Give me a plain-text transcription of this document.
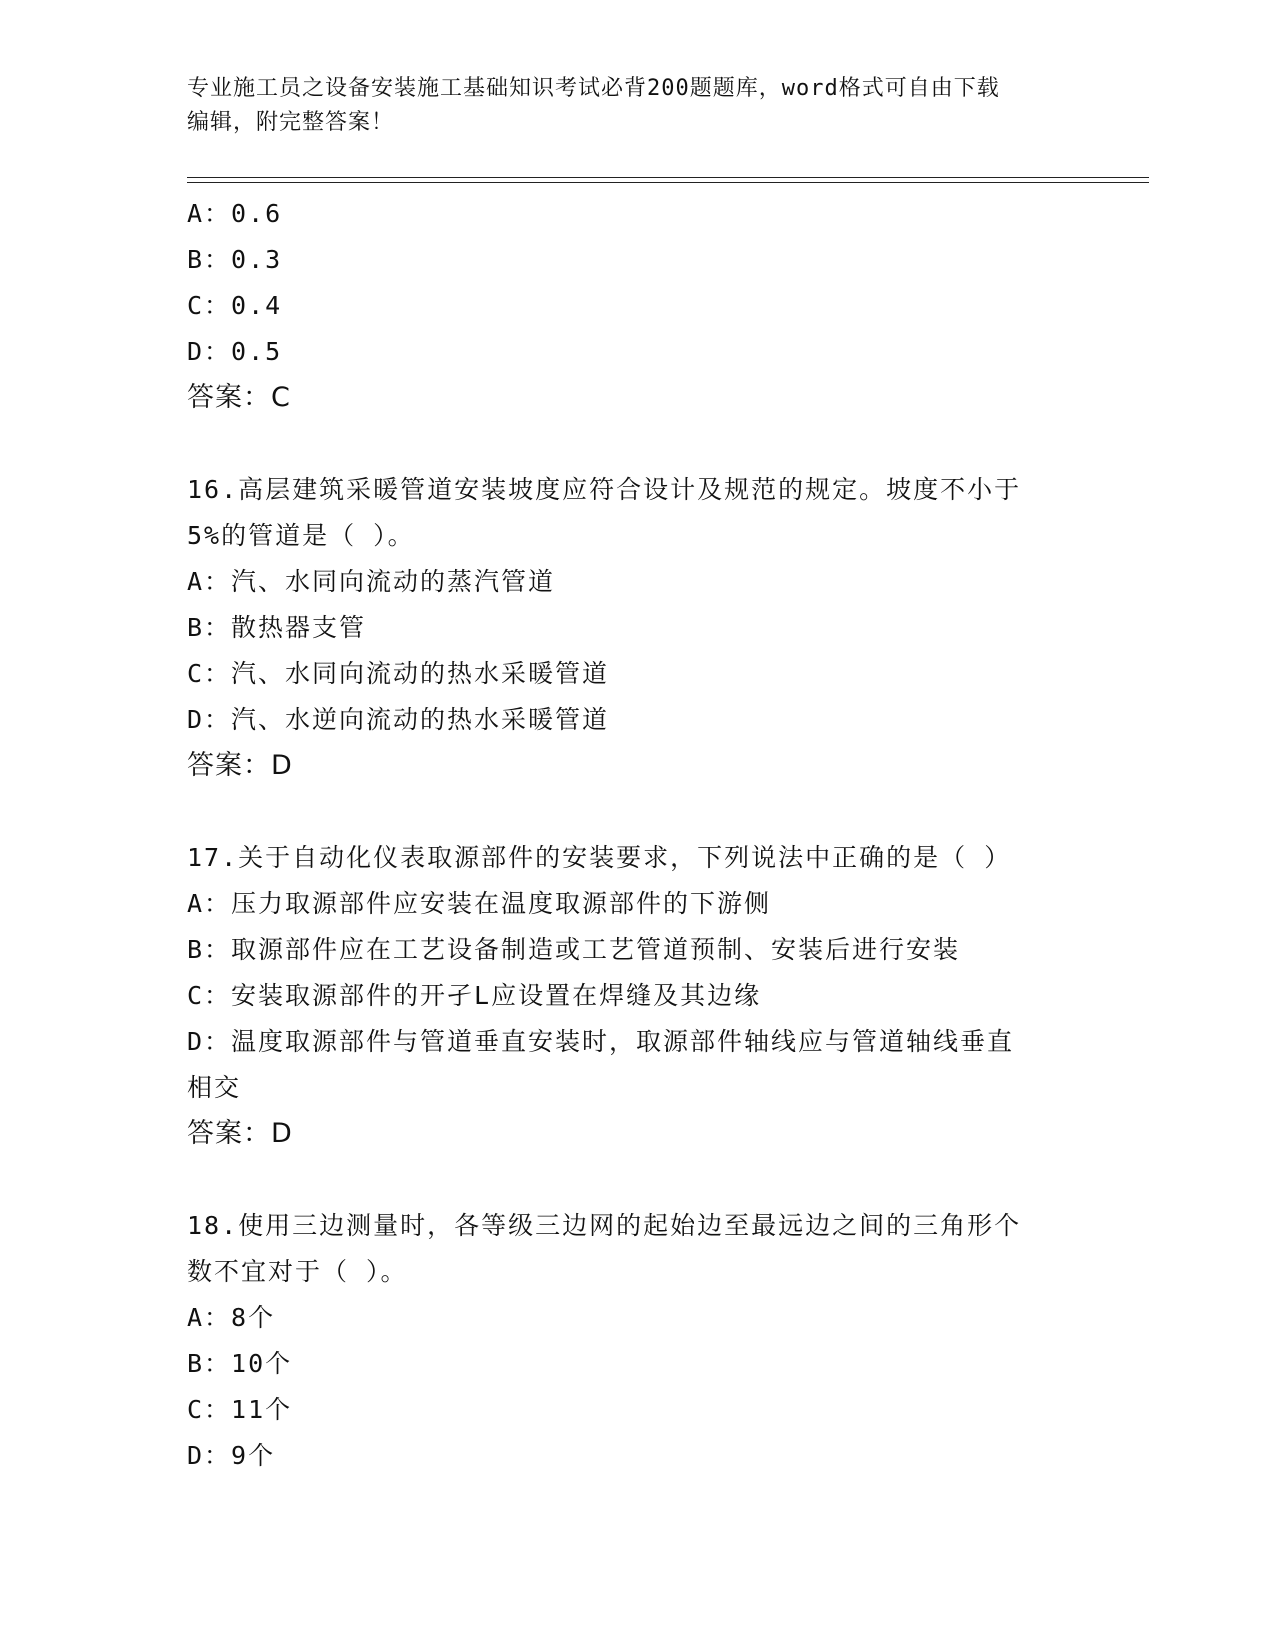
专业施工员之设备安装施工基础知识考试必背200题题库，word格式可自由下载
编辑，附完整答案！
A：0.6
B：0.3
C：0.4
D：0.5
答案：C
16.高层建筑采暖管道安装坡度应符合设计及规范的规定。坡度不小于
5%的管道是（ ）。
A：汽、水同向流动的蒸汽管道
B：散热器支管
C：汽、水同向流动的热水采暖管道
D：汽、水逆向流动的热水采暖管道
答案：D
17.关于自动化仪表取源部件的安装要求，下列说法中正确的是（ ）
A：压力取源部件应安装在温度取源部件的下游侧
B：取源部件应在工艺设备制造或工艺管道预制、安装后进行安装
C：安装取源部件的开孑L应设置在焊缝及其边缘
D：温度取源部件与管道垂直安装时，取源部件轴线应与管道轴线垂直
相交
答案：D
18.使用三边测量时，各等级三边网的起始边至最远边之间的三角形个
数不宜对于（ ）。
A：8个
B：10个
C：11个
D：9个
